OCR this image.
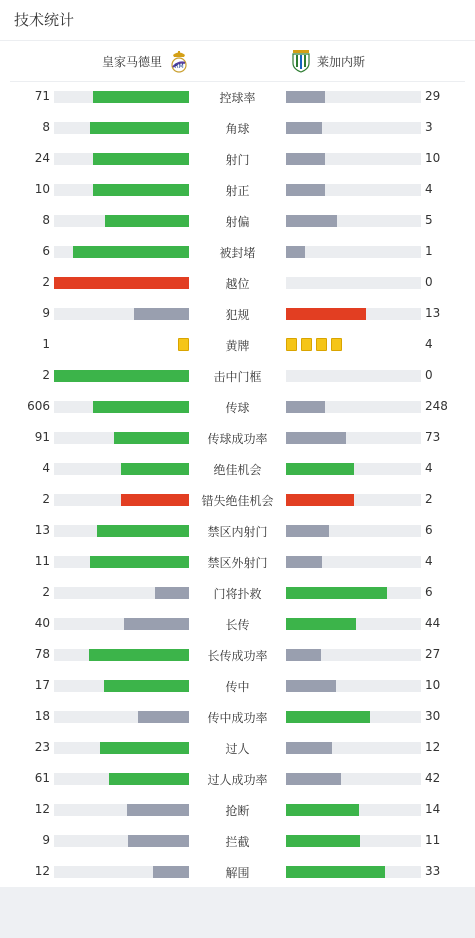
技术统计
皇家马德里 RM	莱加内斯
71	控球率	29
8	角球	3
24	射门	10
10	射正	4
8	射偏	5
6	被封堵	1
2	越位	0
9	犯规	13
1	黄牌	4
2	击中门框	0
606	传球	248
91	传球成功率	73
4	绝佳机会	4
2	错失绝佳机会	2
13	禁区内射门	6
11	禁区外射门	4
2	门将扑救	6
40	长传	44
78	长传成功率	27
17	传中	10
18	传中成功率	30
23	过人	12
61	过人成功率	42
12	抢断	14
9	拦截	11
12	解围	33
